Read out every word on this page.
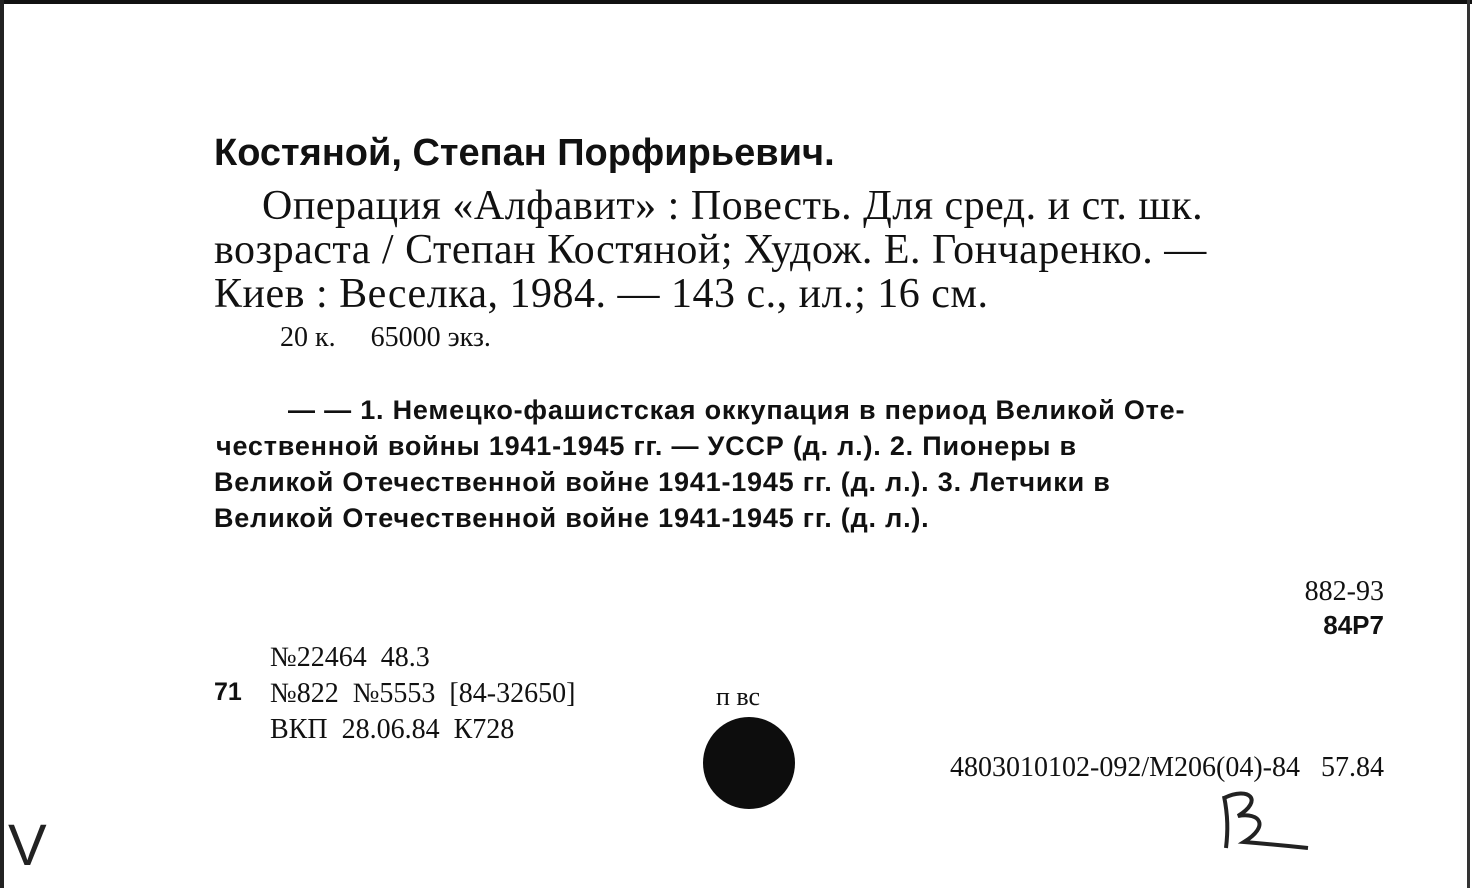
Костяной, Степан Порфирьевич.
Операция «Алфавит» : Повесть. Для сред. и ст. шк.
возраста / Степан Костяной; Худож. Е. Гончаренко. —
Киев : Веселка, 1984. — 143 с., ил.; 16 см.
20 к.     65000 экз.
— — 1. Немецко-фашистская оккупация в период Великой Оте-
чественной войны 1941-1945 гг. — УССР (д. л.). 2. Пионеры в
Великой Отечественной войне 1941-1945 гг. (д. л.). 3. Летчики в
Великой Отечественной войне 1941-1945 гг. (д. л.).
882-93
84Р7
№22464  48.3
71 №822  №5553  [84-32650]	п вс
ВКП  28.06.84  К728
4803010102-092/М206(04)-84   57.84
V
